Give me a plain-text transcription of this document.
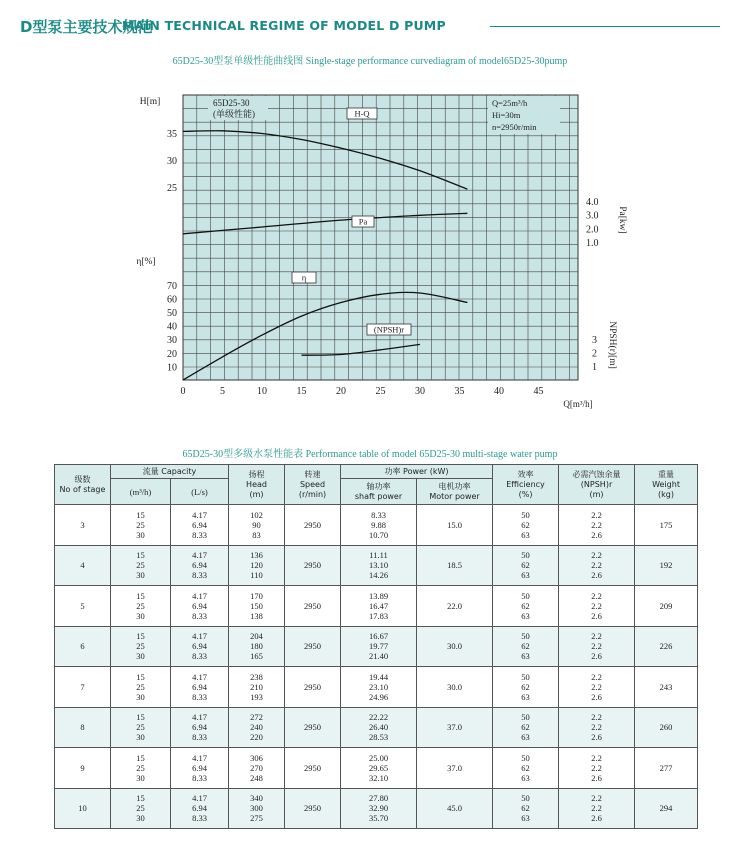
D型泵主要技术规范
MAIN TECHNICAL REGIME OF MODEL D PUMP
65D25-30型泵单级性能曲线图 Single-stage performance curvediagram of model65D25-30pump
0	5	10	15	20	25	30	35	40	45
Q[m³/h]
H[m]
25
30
35
η[%]
10
20
30
40
50
60
70
1.0
2.0
3.0
4.0
Pa[kw]
1
2
3 NPSH(r)[m]
65D25-30
(单级性能)
Q=25m³/h
Hi=30m
n=2950r/min
H-Q
Pa
η
(NPSH)r
65D25-30型多级水泵性能表 Performance table of model 65D25-30 multi-stage water pump
级数
No of stage	流量 Capacity		扬程
Head
(m)	转速
Speed
(r/min)	功率 Power (kW)		效率
Efficiency
(%)	必需汽蚀余量
(NPSH)r
(m)	重量
Weight
(kg)

	(m³/h)	(L/s)			轴功率
shaft power	电机功率
Motor power			

3	15
25
30	4.17
6.94
8.33	102
90
83	2950	8.33
9.88
10.70	15.0	50
62
63	2.2
2.2
2.6	175
4	15
25
30	4.17
6.94
8.33	136
120
110	2950	11.11
13.10
14.26	18.5	50
62
63	2.2
2.2
2.6	192
5	15
25
30	4.17
6.94
8.33	170
150
138	2950	13.89
16.47
17.83	22.0	50
62
63	2.2
2.2
2.6	209
6	15
25
30	4.17
6.94
8.33	204
180
165	2950	16.67
19.77
21.40	30.0	50
62
63	2.2
2.2
2.6	226
7	15
25
30	4.17
6.94
8.33	238
210
193	2950	19.44
23.10
24.96	30.0	50
62
63	2.2
2.2
2.6	243
8	15
25
30	4.17
6.94
8.33	272
240
220	2950	22.22
26.40
28.53	37.0	50
62
63	2.2
2.2
2.6	260
9	15
25
30	4.17
6.94
8.33	306
270
248	2950	25.00
29.65
32.10	37.0	50
62
63	2.2
2.2
2.6	277
10	15
25
30	4.17
6.94
8.33	340
300
275	2950	27.80
32.90
35.70	45.0	50
62
63	2.2
2.2
2.6	294
